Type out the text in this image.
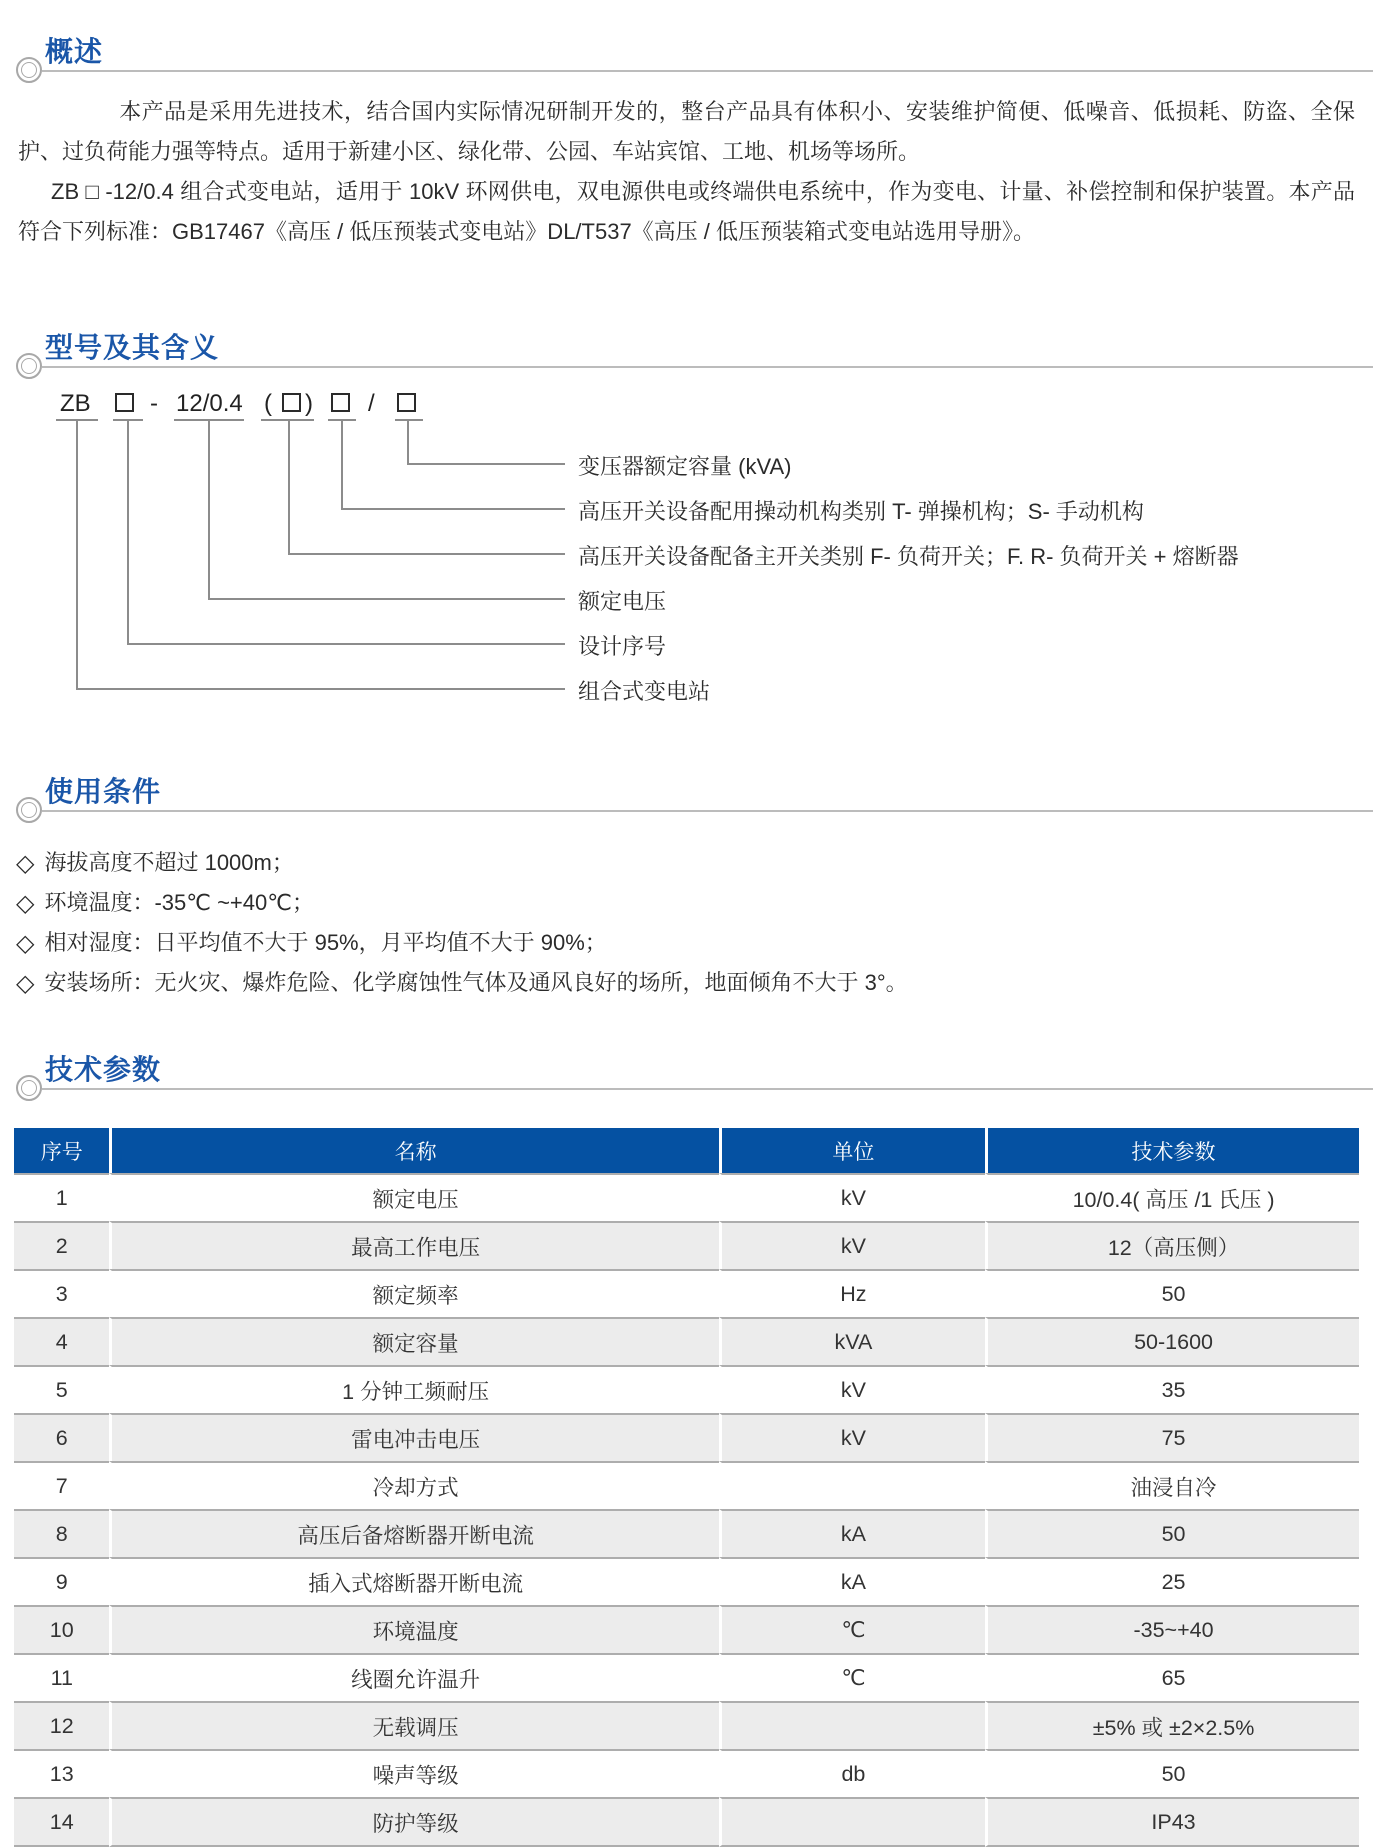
概述

本产品是采用先进技术，结合国内实际情况研制开发的，整台产品具有体积小、安装维护简便、低噪音、低损耗、防盗、全保护、过负荷能力强等特点。适用于新建小区、绿化带、公园、车站宾馆、工地、机场等场所。

ZB □ -12/0.4 组合式变电站，适用于 10kV 环网供电，双电源供电或终端供电系统中，作为变电、计量、补偿控制和保护装置。本产品符合下列标准：GB17467《高压 / 低压预装式变电站》DL/T537《高压 / 低压预装箱式变电站选用导册》。

型号及其含义
ZB - 12/0.4 ( ) /
变压器额定容量 (kVA)
高压开关设备配用操动机构类别 T- 弹操机构；S- 手动机构
高压开关设备配备主开关类别 F- 负荷开关；F. R- 负荷开关 + 熔断器
额定电压
设计序号
组合式变电站
使用条件
◇ 海拔高度不超过 1000m；
◇ 环境温度：-35℃ ~+40℃；
◇ 相对湿度：日平均值不大于 95%，月平均值不大于 90%；
◇ 安装场所：无火灾、爆炸危险、化学腐蚀性气体及通风良好的场所，地面倾角不大于 3°。
技术参数
序号	名称	单位	技术参数
1	额定电压	kV	10/0.4( 高压 /1 氏压 )
2	最高工作电压	kV	12（高压侧）
3	额定频率	Hz	50
4	额定容量	kVA	50-1600
5	1 分钟工频耐压	kV	35
6	雷电冲击电压	kV	75
7	冷却方式		油浸自冷
8	高压后备熔断器开断电流	kA	50
9	插入式熔断器开断电流	kA	25
10	环境温度	℃	-35~+40
11	线圈允许温升	℃	65
12	无载调压		±5% 或 ±2×2.5%
13	噪声等级	db	50
14	防护等级		IP43
